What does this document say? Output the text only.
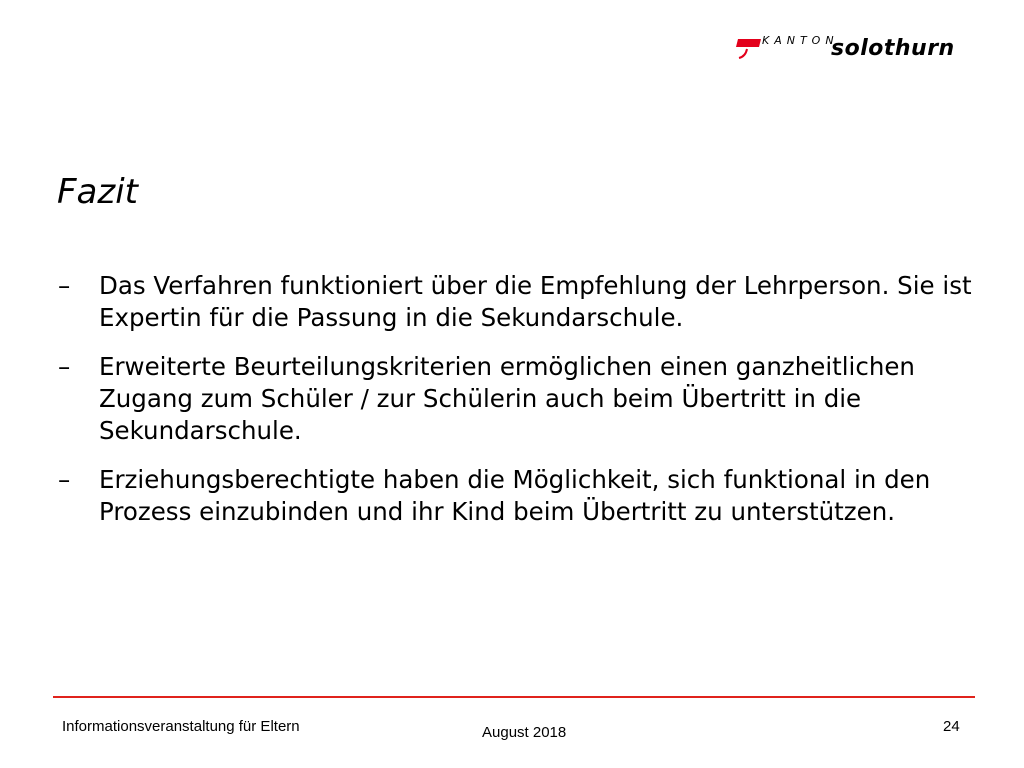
KANTON
solothurn
Fazit
–	Das Verfahren funktioniert über die Empfehlung der Lehrperson. Sie ist Expertin für die Passung in die Sekundarschule.
–	Erweiterte Beurteilungskriterien ermöglichen einen ganzheitlichen Zugang zum Schüler / zur Schülerin auch beim Übertritt in die Sekundarschule.
–	Erziehungsberechtigte haben die Möglichkeit, sich funktional in den Prozess einzubinden und ihr Kind beim Übertritt zu unterstützen.
Informationsveranstaltung für Eltern	August 2018	24
